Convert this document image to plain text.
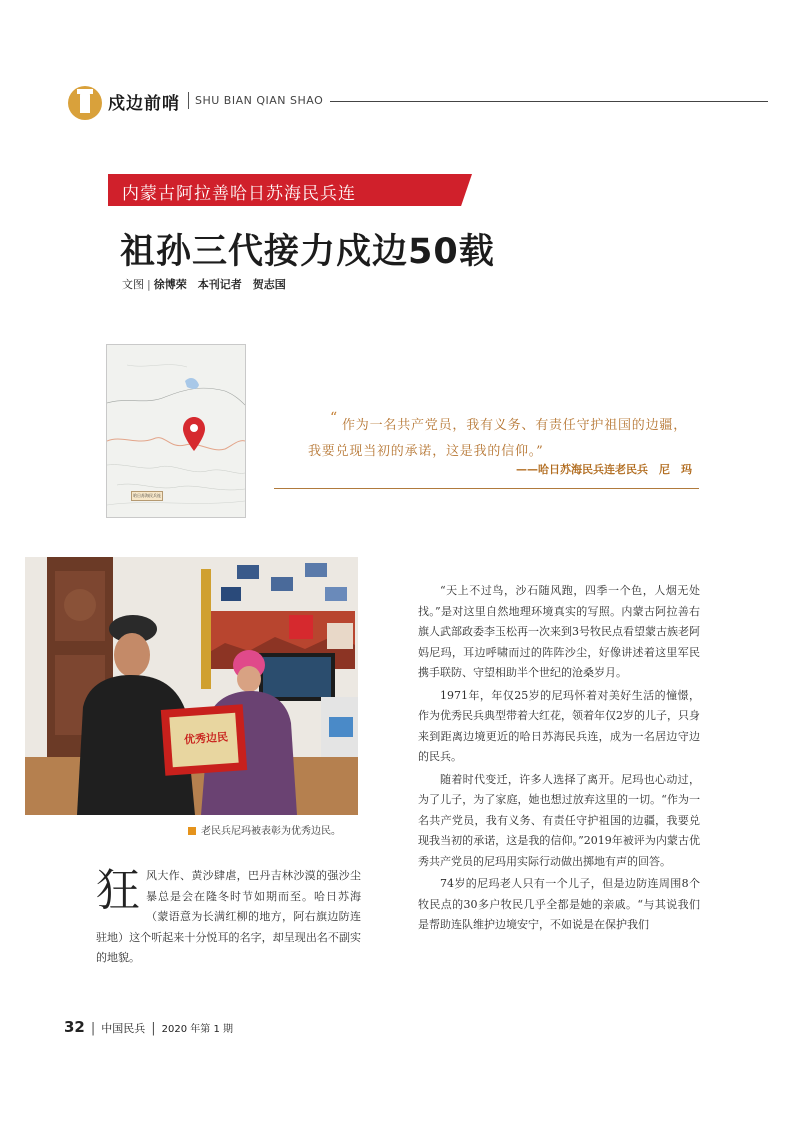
戍边前哨 SHU BIAN QIAN SHAO
内蒙古阿拉善哈日苏海民兵连
祖孙三代接力戍边50载
文图 | 徐博荣　本刊记者　贺志国
哈日苏海民兵连
“ 作为一名共产党员，我有义务、有责任守护祖国的边疆，
我要兑现当初的承诺，这是我的信仰。”
——哈日苏海民兵连老民兵　尼　玛
优秀边民
老民兵尼玛被表彰为优秀边民。
狂 风大作、黄沙肆虐，巴丹吉林沙漠的强沙尘暴总是会在隆冬时节如期而至。哈日苏海（蒙语意为长满红柳的地方，阿右旗边防连驻地）这个听起来十分悦耳的名字，却呈现出名不副实的地貌。

“天上不过鸟，沙石随风跑，四季一个色，人烟无处找。”是对这里自然地理环境真实的写照。内蒙古阿拉善右旗人武部政委李玉松再一次来到3号牧民点看望蒙古族老阿妈尼玛，耳边呼啸而过的阵阵沙尘，好像讲述着这里军民携手联防、守望相助半个世纪的沧桑岁月。

1971年，年仅25岁的尼玛怀着对美好生活的憧憬，作为优秀民兵典型带着大红花，领着年仅2岁的儿子，只身来到距离边境更近的哈日苏海民兵连，成为一名居边守边的民兵。

随着时代变迁，许多人选择了离开。尼玛也心动过，为了儿子，为了家庭，她也想过放弃这里的一切。“作为一名共产党员，我有义务、有责任守护祖国的边疆，我要兑现我当初的承诺，这是我的信仰。”2019年被评为内蒙古优秀共产党员的尼玛用实际行动做出掷地有声的回答。

74岁的尼玛老人只有一个儿子，但是边防连周围8个牧民点的30多户牧民几乎全都是她的亲戚。“与其说我们是帮助连队维护边境安宁，不如说是在保护我们

32 | 中国民兵 | 2020 年第 1 期
